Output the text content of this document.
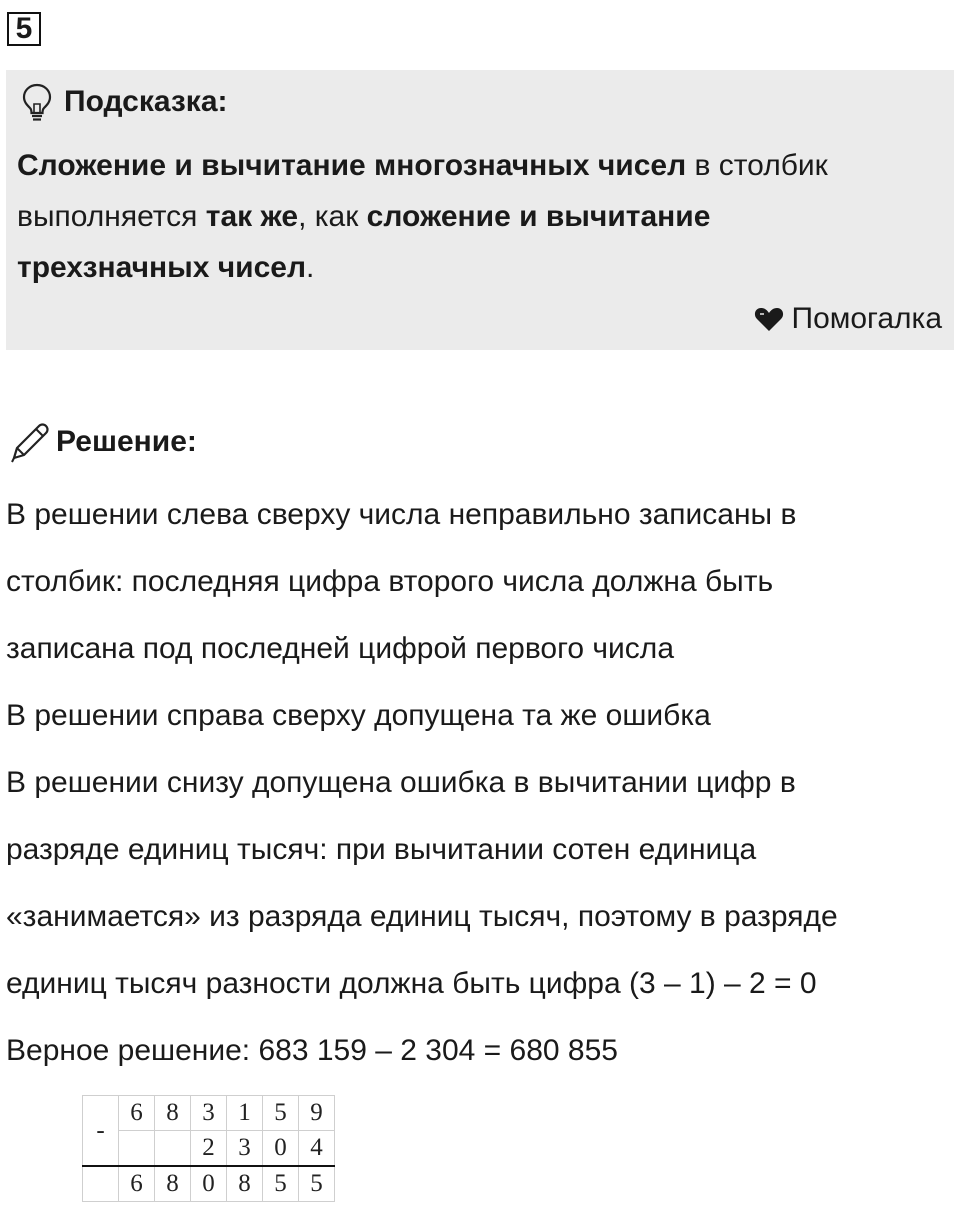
5
Подсказка:
Сложение и вычитание многозначных чисел в столбик
выполняется так же, как сложение и вычитание
трехзначных чисел.
Помогалка
Решение:

В решении слева сверху числа неправильно записаны в

столбик: последняя цифра второго числа должна быть

записана под последней цифрой первого числа

В решении справа сверху допущена та же ошибка

В решении снизу допущена ошибка в вычитании цифр в

разряде единиц тысяч: при вычитании сотен единица

«занимается» из разряда единиц тысяч, поэтому в разряде

единиц тысяч разности должна быть цифра (3 – 1) – 2 = 0

Верное решение: 683 159 – 2 304 = 680 855

-	6	8	3	1	5	9
			2	3	0	4
	6	8	0	8	5	5
